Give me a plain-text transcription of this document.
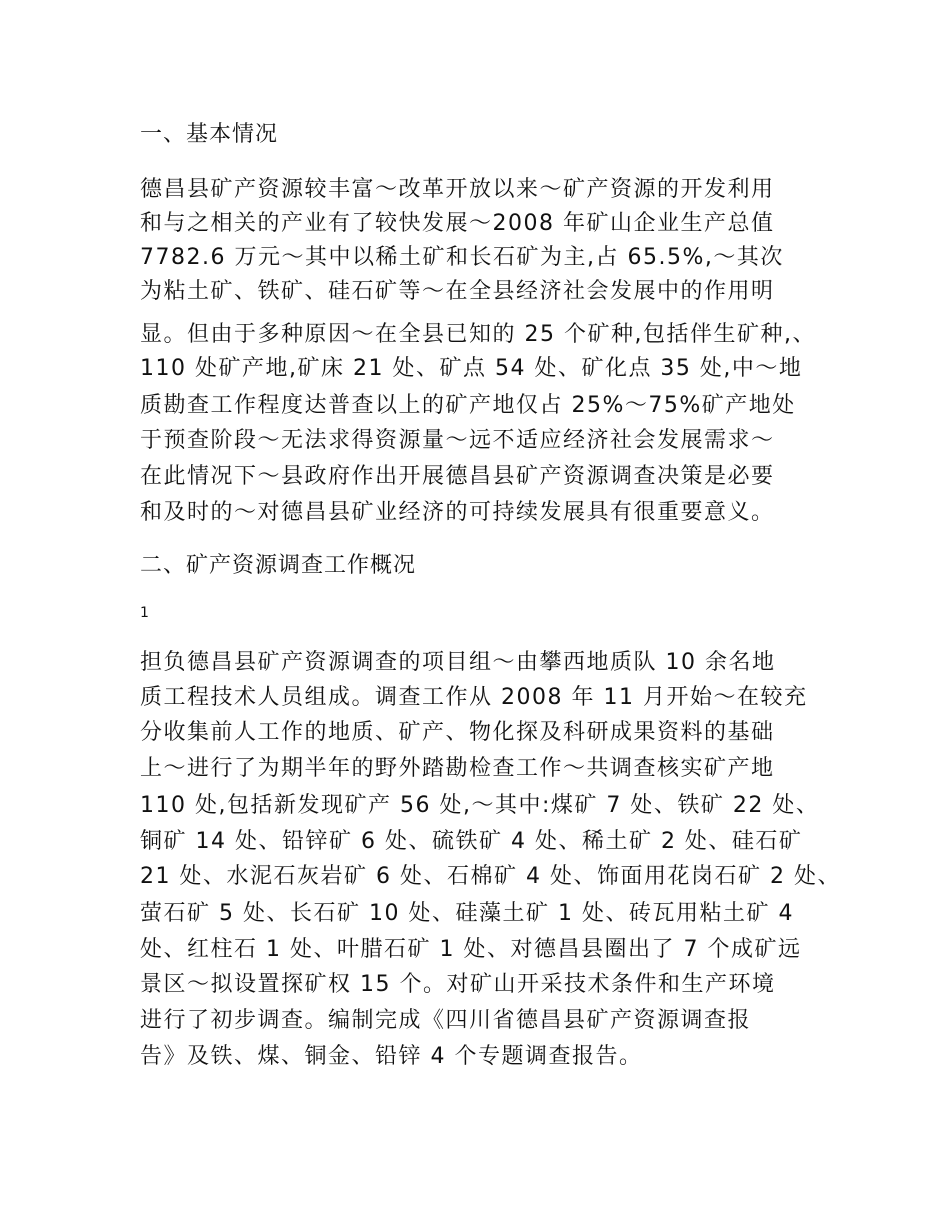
一、基本情况
德昌县矿产资源较丰富～改革开放以来～矿产资源的开发利用
和与之相关的产业有了较快发展～2008 年矿山企业生产总值
7782.6 万元～其中以稀土矿和长石矿为主,占 65.5%,～其次
为粘土矿、铁矿、硅石矿等～在全县经济社会发展中的作用明
显。但由于多种原因～在全县已知的 25 个矿种,包括伴生矿种,、
110 处矿产地,矿床 21 处、矿点 54 处、矿化点 35 处,中～地
质勘查工作程度达普查以上的矿产地仅占 25%～75%矿产地处
于预查阶段～无法求得资源量～远不适应经济社会发展需求～
在此情况下～县政府作出开展德昌县矿产资源调查决策是必要
和及时的～对德昌县矿业经济的可持续发展具有很重要意义。
二、矿产资源调查工作概况
1
担负德昌县矿产资源调查的项目组～由攀西地质队 10 余名地
质工程技术人员组成。调查工作从 2008 年 11 月开始～在较充
分收集前人工作的地质、矿产、物化探及科研成果资料的基础
上～进行了为期半年的野外踏勘检查工作～共调查核实矿产地
110 处,包括新发现矿产 56 处,～其中:煤矿 7 处、铁矿 22 处、
铜矿 14 处、铅锌矿 6 处、硫铁矿 4 处、稀土矿 2 处、硅石矿
21 处、水泥石灰岩矿 6 处、石棉矿 4 处、饰面用花岗石矿 2 处、
萤石矿 5 处、长石矿 10 处、硅藻土矿 1 处、砖瓦用粘土矿 4
处、红柱石 1 处、叶腊石矿 1 处、对德昌县圈出了 7 个成矿远
景区～拟设置探矿权 15 个。对矿山开采技术条件和生产环境
进行了初步调查。编制完成《四川省德昌县矿产资源调查报
告》及铁、煤、铜金、铅锌 4 个专题调查报告。
